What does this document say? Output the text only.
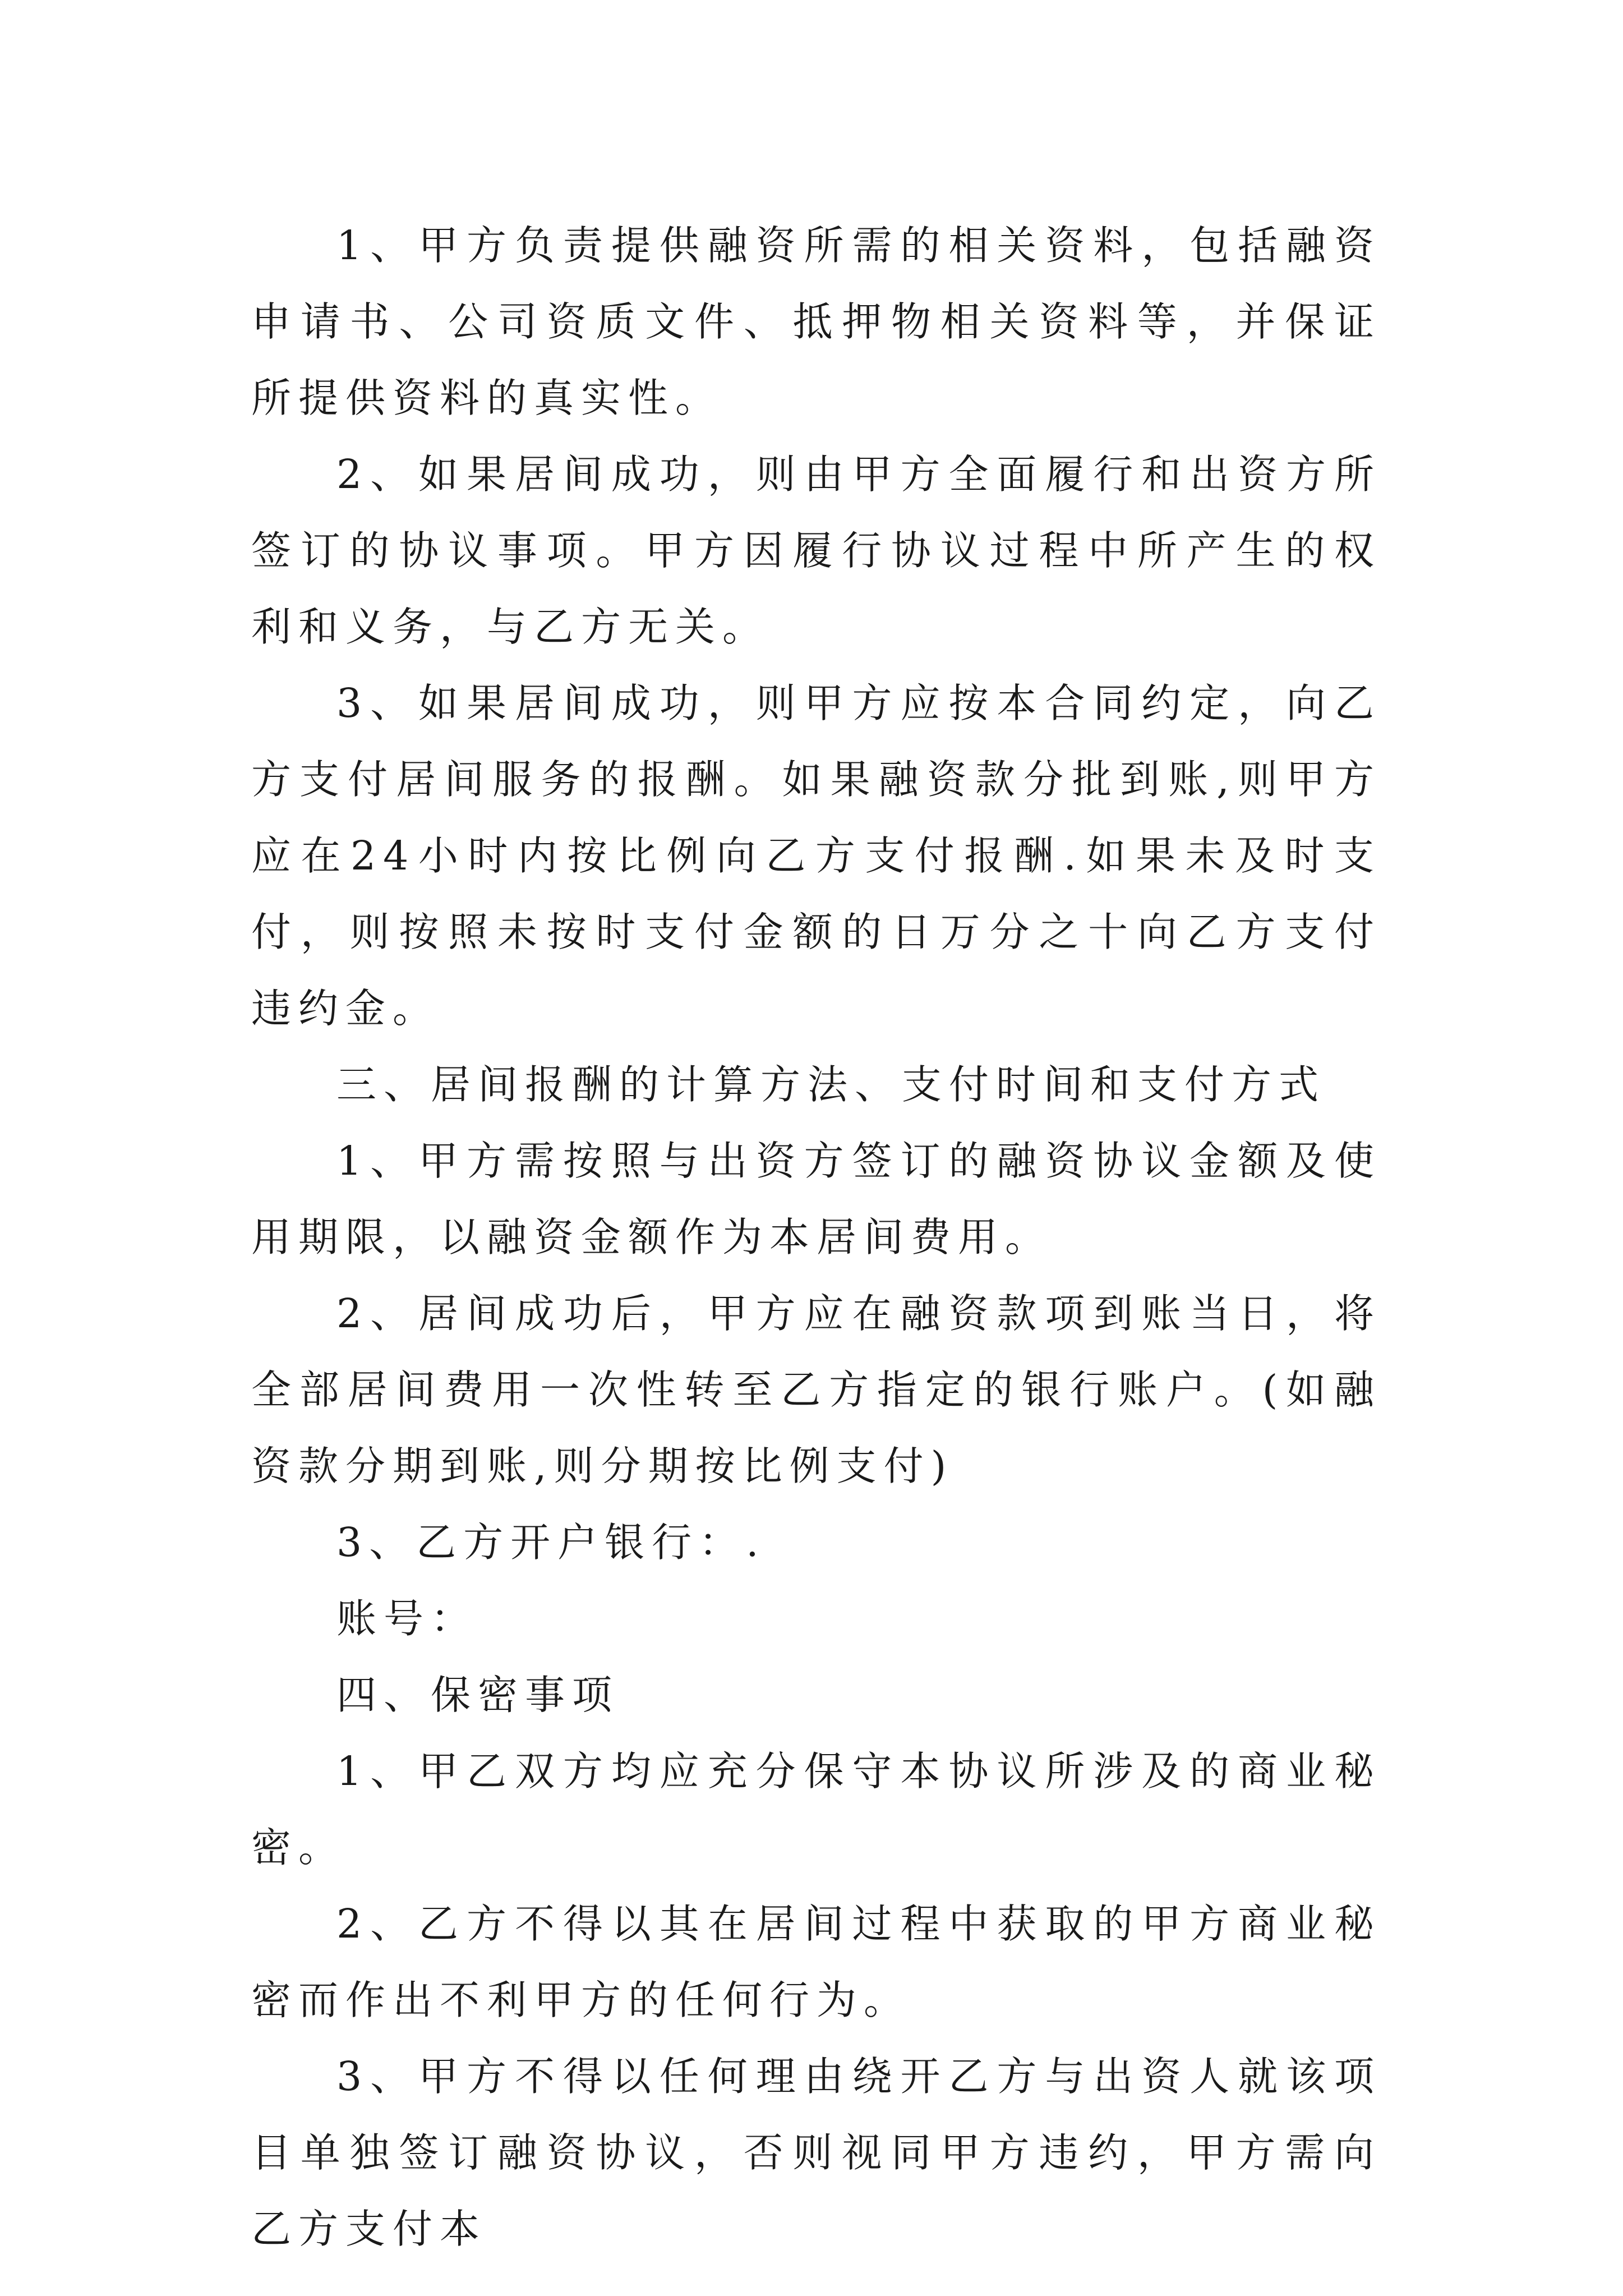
1、甲方负责提供融资所需的相关资料，包括融资申请书、公司资质文件、抵押物相关资料等，并保证所提供资料的真实性。

2、如果居间成功，则由甲方全面履行和出资方所签订的协议事项。甲方因履行协议过程中所产生的权利和义务，与乙方无关。

3、如果居间成功，则甲方应按本合同约定，向乙方支付居间服务的报酬。如果融资款分批到账,则甲方应在24小时内按比例向乙方支付报酬.如果未及时支付，则按照未按时支付金额的日万分之十向乙方支付违约金。

三、居间报酬的计算方法、支付时间和支付方式

1、甲方需按照与出资方签订的融资协议金额及使用期限，以融资金额作为本居间费用。

2、居间成功后，甲方应在融资款项到账当日，将全部居间费用一次性转至乙方指定的银行账户。(如融资款分期到账,则分期按比例支付)

3、乙方开户银行：.

账号：

四、保密事项

1、甲乙双方均应充分保守本协议所涉及的商业秘密。

2、乙方不得以其在居间过程中获取的甲方商业秘密而作出不利甲方的任何行为。

3、甲方不得以任何理由绕开乙方与出资人就该项目单独签订融资协议，否则视同甲方违约，甲方需向乙方支付本
